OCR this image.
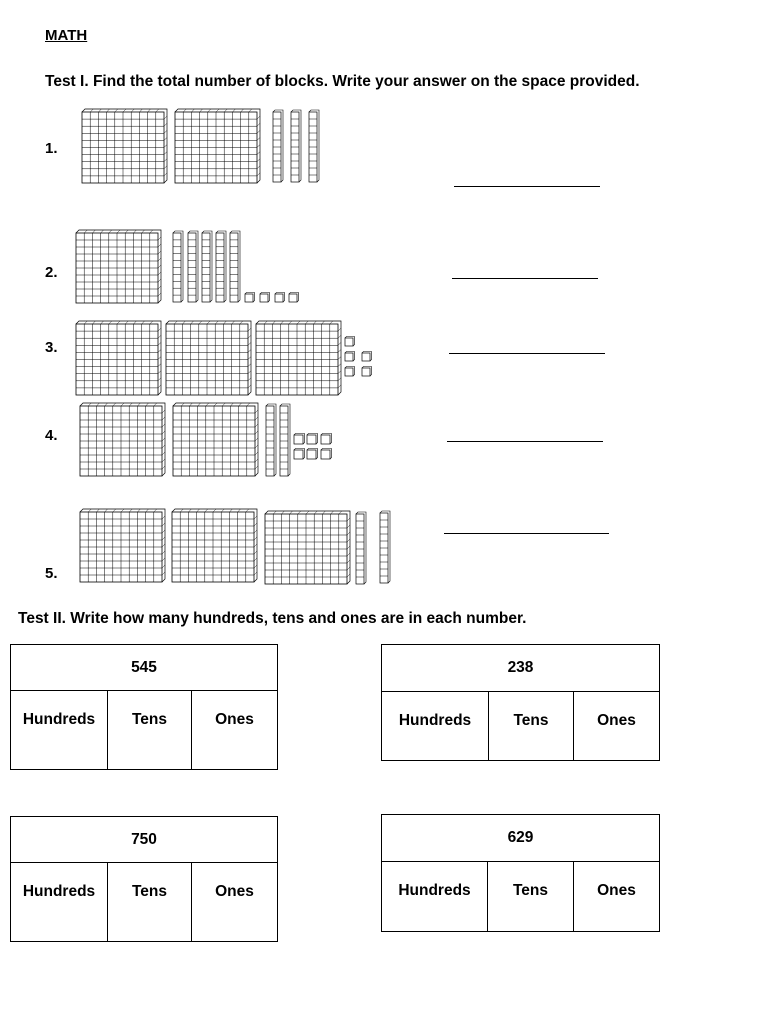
MATH
Test I. Find the total number of blocks. Write your answer on the space provided.
1.
2.
3.
4.
5.
Test II. Write how many hundreds, tens and ones are in each number.
545

Hundreds	Tens	Ones
238
Hundreds	Tens	Ones
750

Hundreds	Tens	Ones
629
Hundreds	Tens	Ones
